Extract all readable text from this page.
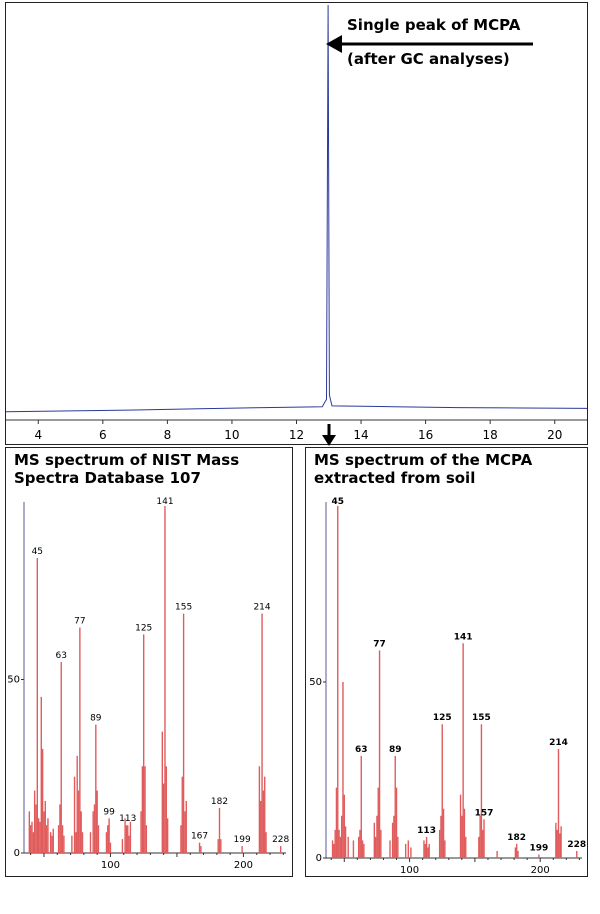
4	6	8	10	12	14	16	18	20
Single peak of MCPA
(after GC analyses)
MS spectrum of NIST Mass
Spectra Database 107
0
50
100	200
45
63
77
89
99
113
125
141
155
167
182
199
214
228
MS spectrum of the MCPA
extracted from soil
0
50
100	200
45
63
77
89
113
125
141
155
157
182
199
214
228
